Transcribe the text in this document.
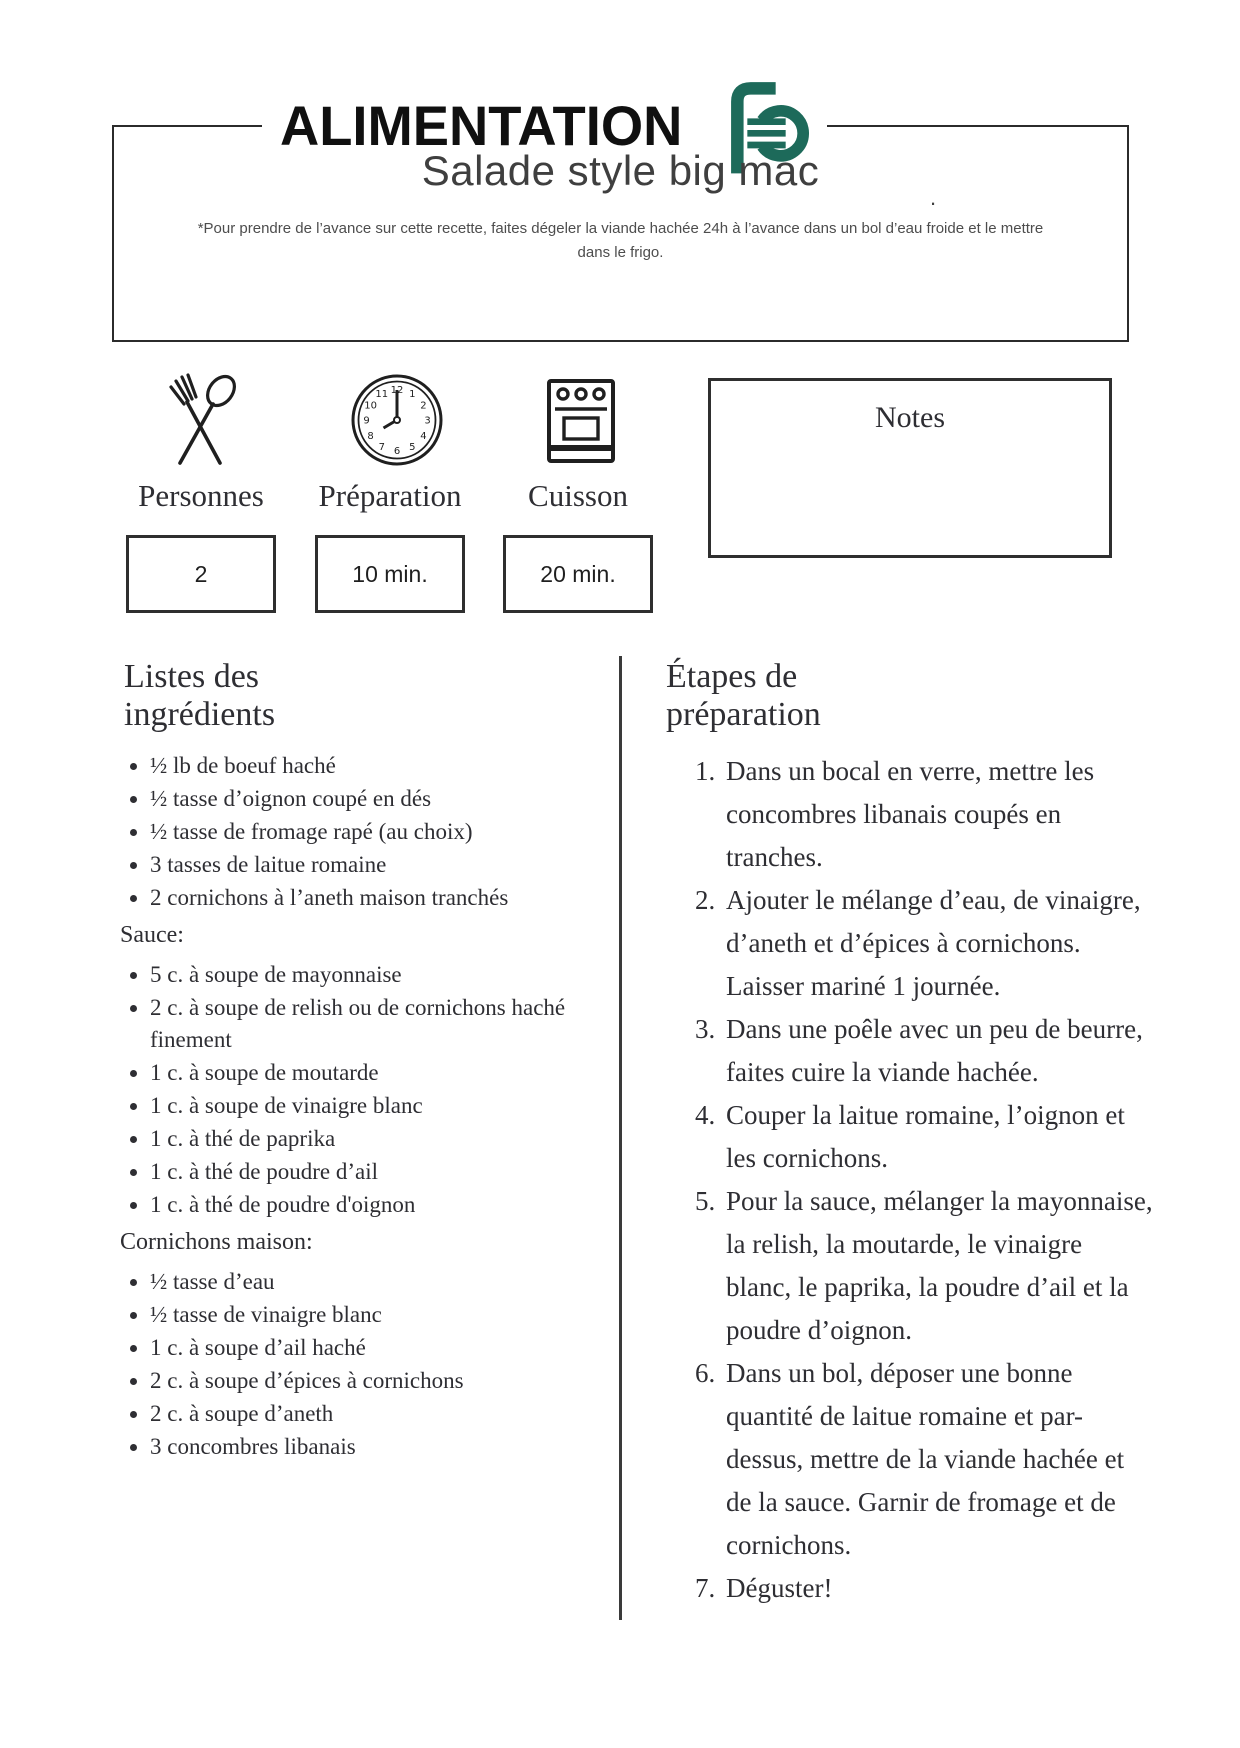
ALIMENTATION
Salade style big mac
.

*Pour prendre de l’avance sur cette recette, faites dégeler la viande hachée 24h à l’avance dans un bol d’eau froide et le mettre dans le frigo.

1
2
3
4
5
6
7
8
9
10
11 12
Personnes	Préparation	Cuisson
2	10 min.	20 min.
Notes
Listes des
ingrédients
• ½ lb de boeuf haché
• ½ tasse d’oignon coupé en dés
• ½ tasse de fromage rapé (au choix)
• 3 tasses de laitue romaine
• 2 cornichons à l’aneth maison tranchés
Sauce:
• 5 c. à soupe de mayonnaise
• 2 c. à soupe de relish ou de cornichons haché finement
• 1 c. à soupe de moutarde
• 1 c. à soupe de vinaigre blanc
• 1 c. à thé de paprika
• 1 c. à thé de poudre d’ail
• 1 c. à thé de poudre d'oignon
Cornichons maison:
• ½ tasse d’eau
• ½ tasse de vinaigre blanc
• 1 c. à soupe d’ail haché
• 2 c. à soupe d’épices à cornichons
• 2 c. à soupe d’aneth
• 3 concombres libanais
Étapes de
préparation
Dans un bocal en verre, mettre les concombres libanais coupés en tranches.
Ajouter le mélange d’eau, de vinaigre, d’aneth et d’épices à cornichons. Laisser mariné 1 journée.
Dans une poêle avec un peu de beurre, faites cuire la viande hachée.
Couper la laitue romaine, l’oignon et les cornichons.
Pour la sauce, mélanger la mayonnaise, la relish, la moutarde, le vinaigre blanc, le paprika, la poudre d’ail et la poudre d’oignon.
Dans un bol, déposer une bonne quantité de laitue romaine et par-dessus, mettre de la viande hachée et de la sauce. Garnir de fromage et de cornichons.
Déguster!
